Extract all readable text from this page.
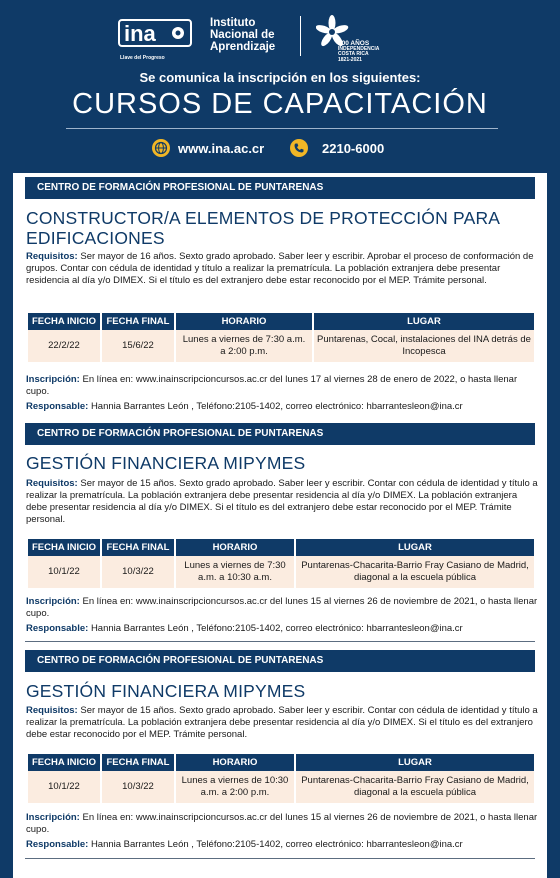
ina
Llave del Progreso
Instituto
Nacional de
Aprendizaje	200 AÑOS
INDEPENDENCIA
COSTA RICA
1821-2021
Se comunica la inscripción en los siguientes:
CURSOS DE CAPACITACIÓN
www.ina.ac.cr	2210-6000
CENTRO DE FORMACIÓN PROFESIONAL DE PUNTARENAS
CONSTRUCTOR/A ELEMENTOS DE PROTECCIÓN PARA EDIFICACIONES
Requisitos: Ser mayor de 16 años. Sexto grado aprobado. Saber leer y escribir. Aprobar el proceso de conformación de grupos. Contar con cédula de identidad y título a realizar la prematrícula. La población extranjera debe presentar residencia al día y/o DIMEX. Si el título es del extranjero debe estar reconocido por el MEP. Trámite personal.
FECHA INICIO	FECHA FINAL	HORARIO	LUGAR
22/2/22	15/6/22	Lunes a viernes de 7:30 a.m. a 2:00 p.m.	Puntarenas, Cocal, instalaciones del INA detrás de Incopesca
Inscripción: En línea en: www.inainscripcioncursos.ac.cr del lunes 17 al viernes 28 de enero de 2022, o hasta llenar cupo.
Responsable: Hannia Barrantes León , Teléfono:2105-1402, correo electrónico: hbarrantesleon@ina.cr
CENTRO DE FORMACIÓN PROFESIONAL DE PUNTARENAS
GESTIÓN FINANCIERA MIPYMES
Requisitos: Ser mayor de 15 años. Sexto grado aprobado. Saber leer y escribir. Contar con cédula de identidad y título a realizar la prematrícula. La población extranjera debe presentar residencia al día y/o DIMEX. La población extranjera debe presentar residencia al día y/o DIMEX. Si el título es del extranjero debe estar reconocido por el MEP. Trámite personal.
FECHA INICIO	FECHA FINAL	HORARIO	LUGAR
10/1/22	10/3/22	Lunes a viernes de 7:30 a.m. a 10:30 a.m.	Puntarenas-Chacarita-Barrio Fray Casiano de Madrid, diagonal a la escuela pública
Inscripción: En línea en: www.inainscripcioncursos.ac.cr del lunes 15 al viernes 26 de noviembre de 2021, o hasta llenar cupo.
Responsable: Hannia Barrantes León , Teléfono:2105-1402, correo electrónico: hbarrantesleon@ina.cr
CENTRO DE FORMACIÓN PROFESIONAL DE PUNTARENAS
GESTIÓN FINANCIERA MIPYMES
Requisitos: Ser mayor de 15 años. Sexto grado aprobado. Saber leer y escribir. Contar con cédula de identidad y título a realizar la prematrícula. La población extranjera debe presentar residencia al día y/o DIMEX. Si el título es del extranjero debe estar reconocido por el MEP. Trámite personal.
FECHA INICIO	FECHA FINAL	HORARIO	LUGAR
10/1/22	10/3/22	Lunes a viernes de 10:30 a.m. a 2:00 p.m.	Puntarenas-Chacarita-Barrio Fray Casiano de Madrid, diagonal a la escuela pública
Inscripción: En línea en: www.inainscripcioncursos.ac.cr del lunes 15 al viernes 26 de noviembre de 2021, o hasta llenar cupo.
Responsable: Hannia Barrantes León , Teléfono:2105-1402, correo electrónico: hbarrantesleon@ina.cr
